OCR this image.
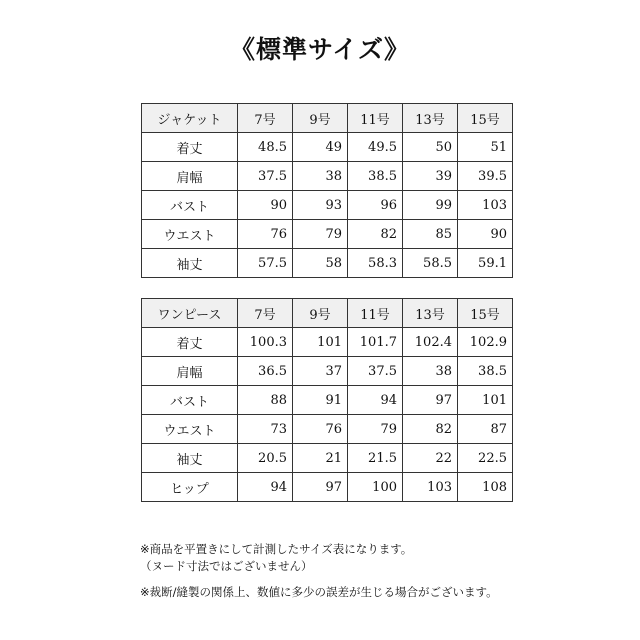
《標準サイズ》
ジャケット	7号	9号	11号	13号	15号
着丈	48.5	49	49.5	50	51
肩幅	37.5	38	38.5	39	39.5
バスト	90	93	96	99	103
ウエスト	76	79	82	85	90
袖丈	57.5	58	58.3	58.5	59.1
ワンピース	7号	9号	11号	13号	15号
着丈	100.3	101	101.7	102.4	102.9
肩幅	36.5	37	37.5	38	38.5
バスト	88	91	94	97	101
ウエスト	73	76	79	82	87
袖丈	20.5	21	21.5	22	22.5
ヒップ	94	97	100	103	108

※商品を平置きにして計測したサイズ表になります。

（ヌード寸法ではございません）

※裁断/縫製の関係上、数値に多少の誤差が生じる場合がございます。
